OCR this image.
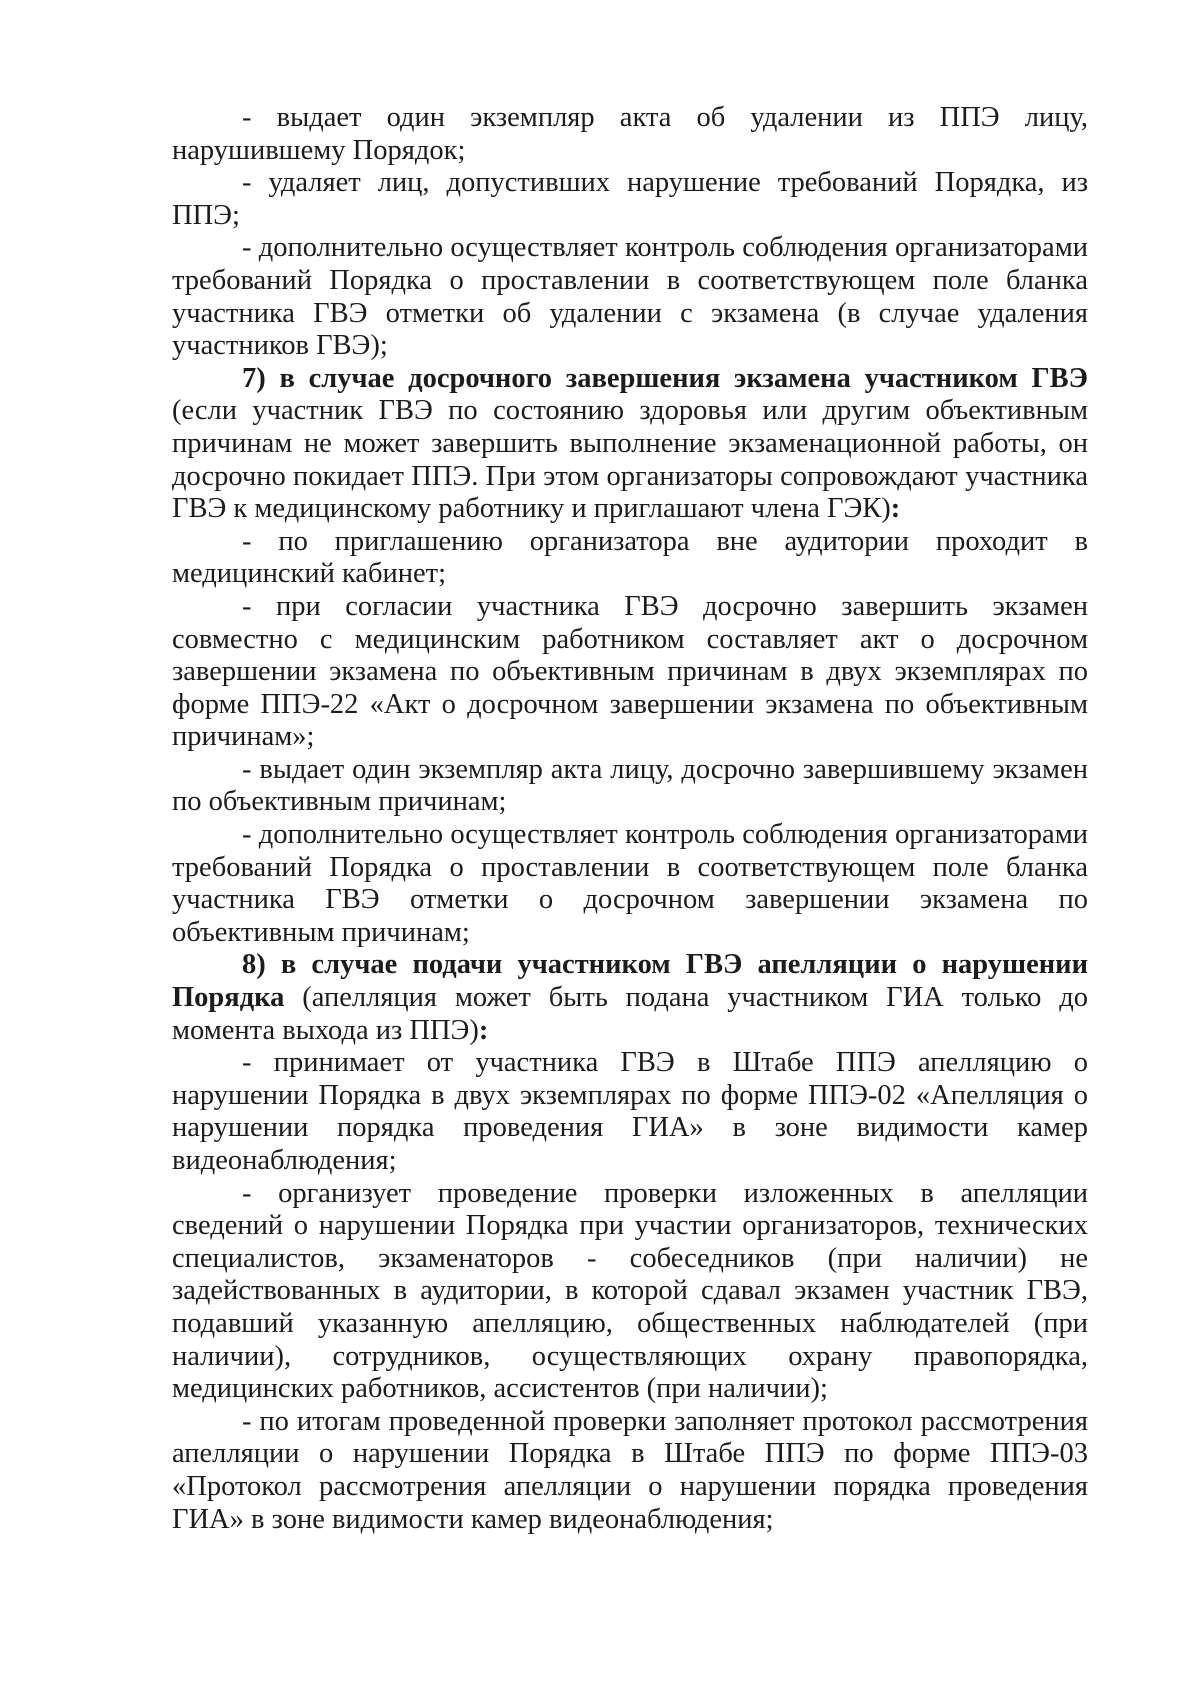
- выдает один экземпляр акта об удалении из ППЭ лицу, нарушившему Порядок;

- удаляет лиц, допустивших нарушение требований Порядка, из ППЭ;

- дополнительно осуществляет контроль соблюдения организаторами требований Порядка о проставлении в соответствующем поле бланка участника ГВЭ отметки об удалении с экзамена (в случае удаления участников ГВЭ);

7) в случае досрочного завершения экзамена участником ГВЭ (если участник ГВЭ по состоянию здоровья или другим объективным причинам не может завершить выполнение экзаменационной работы, он досрочно покидает ППЭ. При этом организаторы сопровождают участника ГВЭ к медицинскому работнику и приглашают члена ГЭК):

- по приглашению организатора вне аудитории проходит в медицинский кабинет;

- при согласии участника ГВЭ досрочно завершить экзамен совместно с медицинским работником составляет акт о досрочном завершении экзамена по объективным причинам в двух экземплярах по форме ППЭ-22 «Акт о досрочном завершении экзамена по объективным причинам»;

- выдает один экземпляр акта лицу, досрочно завершившему экзамен по объективным причинам;

- дополнительно осуществляет контроль соблюдения организаторами требований Порядка о проставлении в соответствующем поле бланка участника ГВЭ отметки о досрочном завершении экзамена по объективным причинам;

8) в случае подачи участником ГВЭ апелляции о нарушении Порядка (апелляция может быть подана участником ГИА только до момента выхода из ППЭ):

- принимает от участника ГВЭ в Штабе ППЭ апелляцию о нарушении Порядка в двух экземплярах по форме ППЭ-02 «Апелляция о нарушении порядка проведения ГИА» в зоне видимости камер видеонаблюдения;

- организует проведение проверки изложенных в апелляции сведений о нарушении Порядка при участии организаторов, технических специалистов, экзаменаторов - собеседников (при наличии) не задействованных в аудитории, в которой сдавал экзамен участник ГВЭ, подавший указанную апелляцию, общественных наблюдателей (при наличии), сотрудников, осуществляющих охрану правопорядка, медицинских работников, ассистентов (при наличии);

- по итогам проведенной проверки заполняет протокол рассмотрения апелляции о нарушении Порядка в Штабе ППЭ по форме ППЭ-03 «Протокол рассмотрения апелляции о нарушении порядка проведения ГИА» в зоне видимости камер видеонаблюдения;
